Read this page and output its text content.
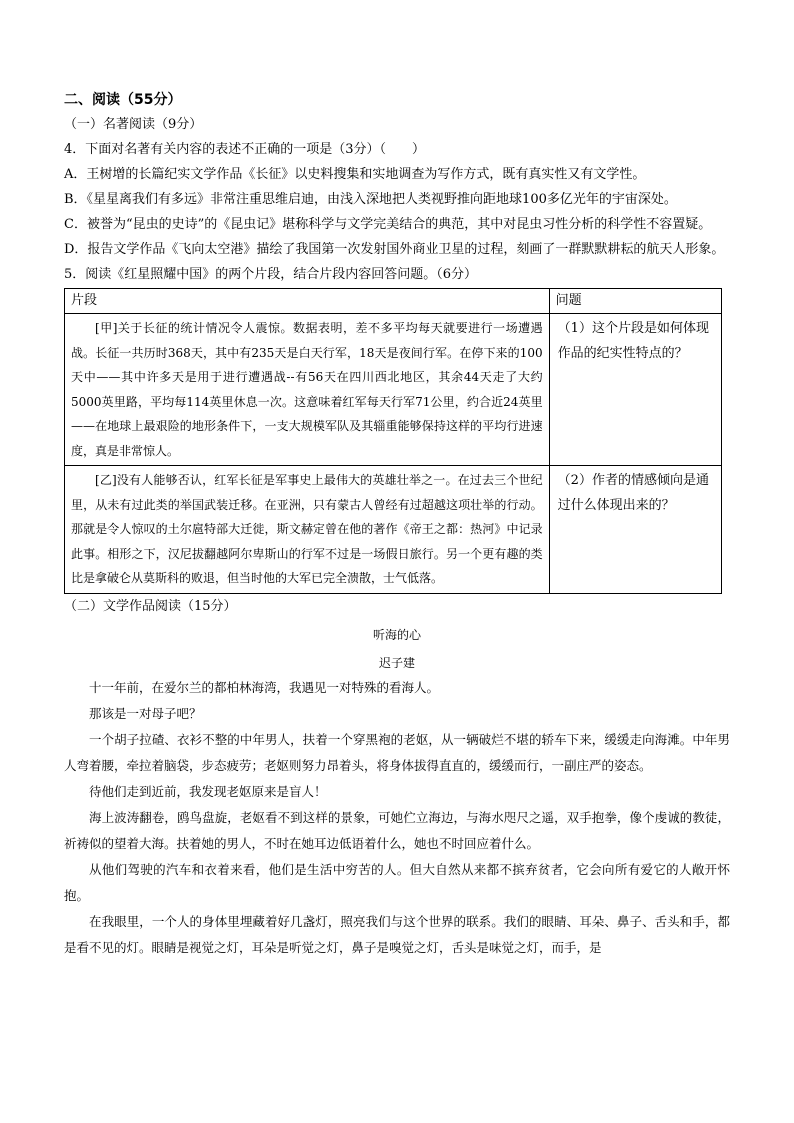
二、阅读（55分）

（一）名著阅读（9分）

4．下面对名著有关内容的表述不正确的一项是（3分）（　　）

A．王树增的长篇纪实文学作品《长征》以史料搜集和实地调查为写作方式，既有真实性又有文学性。

B．《星星离我们有多远》非常注重思维启迪，由浅入深地把人类视野推向距地球100多亿光年的宇宙深处。

C．被誉为“昆虫的史诗”的《昆虫记》堪称科学与文学完美结合的典范，其中对昆虫习性分析的科学性不容置疑。

D．报告文学作品《飞向太空港》描绘了我国第一次发射国外商业卫星的过程，刻画了一群默默耕耘的航天人形象。

5．阅读《红星照耀中国》的两个片段，结合片段内容回答问题。（6分）

片段	问题

[甲]关于长征的统计情况令人震惊。数据表明，差不多平均每天就要进行一场遭遇战。长征一共历时368天，其中有235天是白天行军，18天是夜间行军。在停下来的100天中——其中许多天是用于进行遭遇战--有56天在四川西北地区，其余44天走了大约5000英里路，平均每114英里休息一次。这意味着红军每天行军71公里，约合近24英里——在地球上最艰险的地形条件下，一支大规模军队及其辎重能够保持这样的平均行进速度，真是非常惊人。	（1）这个片段是如何体现作品的纪实性特点的？

[乙]没有人能够否认，红军长征是军事史上最伟大的英雄壮举之一。在过去三个世纪里，从未有过此类的举国武装迁移。在亚洲，只有蒙古人曾经有过超越这项壮举的行动。那就是令人惊叹的土尔扈特部大迁徙，斯文赫定曾在他的著作《帝王之都：热河》中记录此事。相形之下，汉尼拔翻越阿尔卑斯山的行军不过是一场假日旅行。另一个更有趣的类比是拿破仑从莫斯科的败退，但当时他的大军已完全溃散，士气低落。	（2）作者的情感倾向是通过什么体现出来的？

（二）文学作品阅读（15分）

听海的心

迟子建

十一年前，在爱尔兰的都柏林海湾，我遇见一对特殊的看海人。

那该是一对母子吧？

一个胡子拉碴、衣衫不整的中年男人，扶着一个穿黑袍的老妪，从一辆破烂不堪的轿车下来，缓缓走向海滩。中年男人弯着腰，牵拉着脑袋，步态疲劳；老妪则努力昂着头，将身体拔得直直的，缓缓而行，一副庄严的姿态。

待他们走到近前，我发现老妪原来是盲人！

海上波涛翻卷，鸥鸟盘旋，老妪看不到这样的景象，可她伫立海边，与海水咫尺之遥，双手抱拳，像个虔诚的教徒，祈祷似的望着大海。扶着她的男人，不时在她耳边低语着什么，她也不时回应着什么。

从他们驾驶的汽车和衣着来看，他们是生活中穷苦的人。但大自然从来都不摈弃贫者，它会向所有爱它的人敞开怀抱。

在我眼里，一个人的身体里埋藏着好几盏灯，照亮我们与这个世界的联系。我们的眼睛、耳朵、鼻子、舌头和手，都是看不见的灯。眼睛是视觉之灯，耳朵是听觉之灯，鼻子是嗅觉之灯，舌头是味觉之灯，而手，是
